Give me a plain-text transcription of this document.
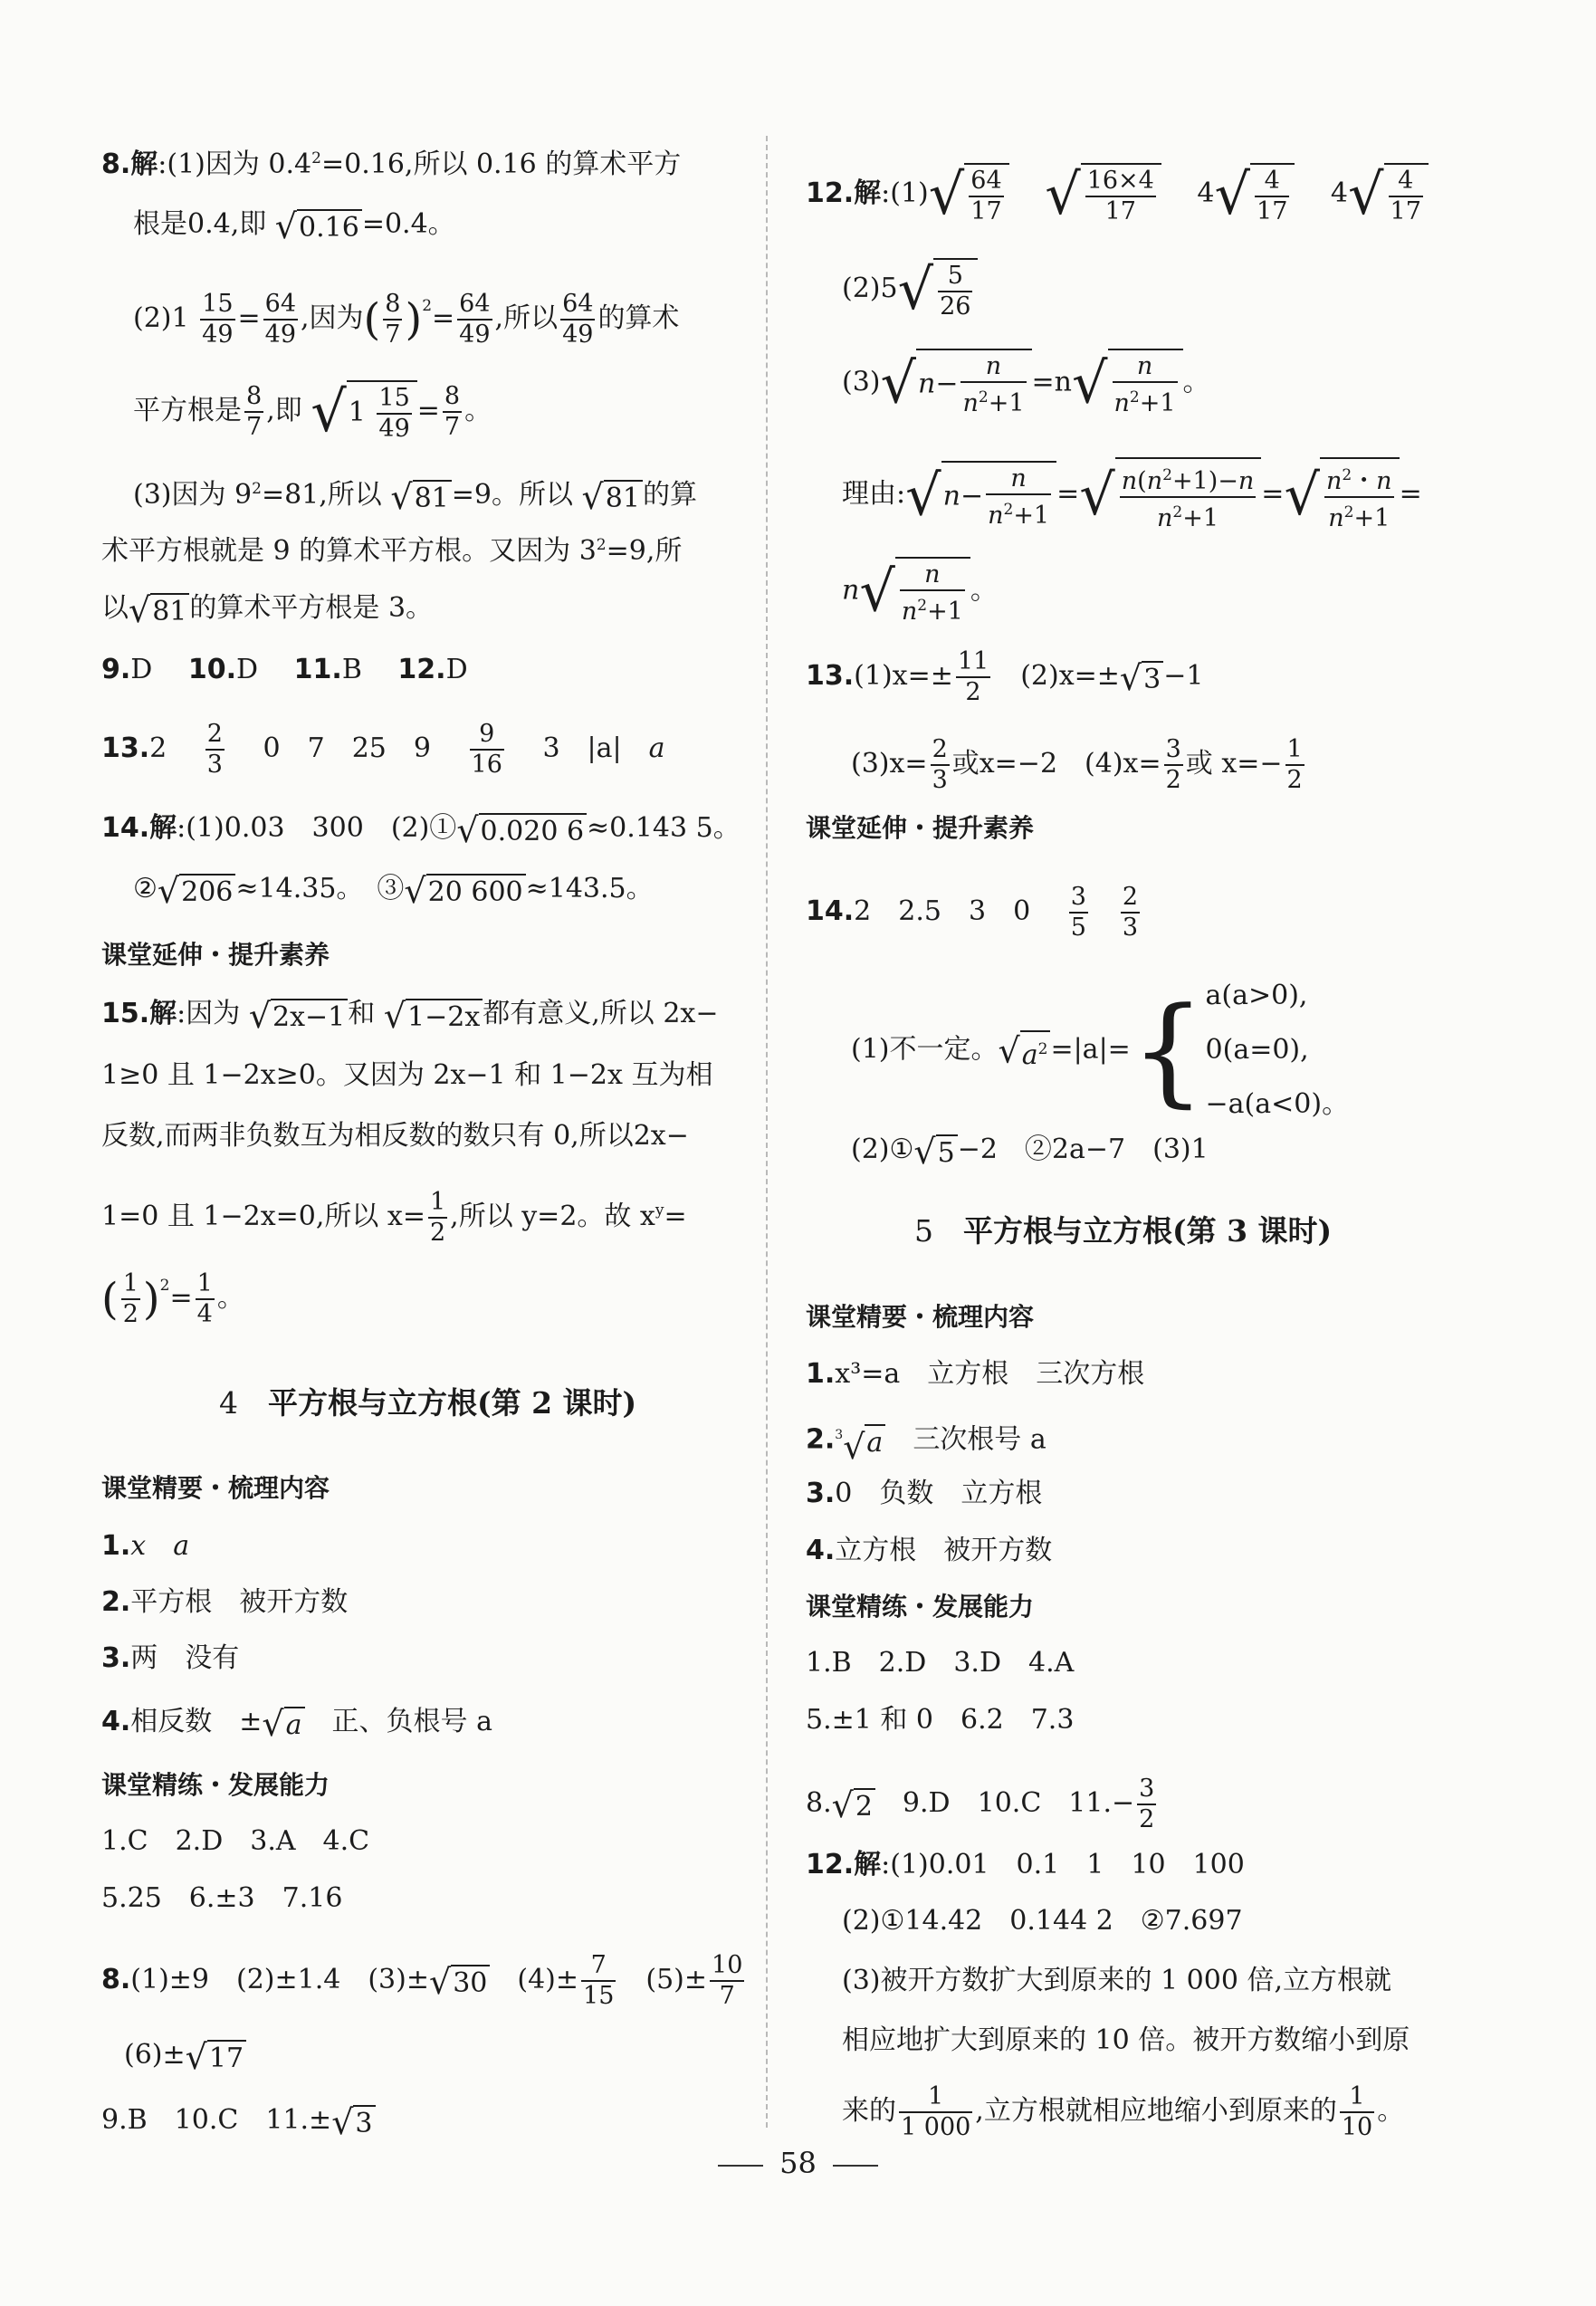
8.解:(1)因为 $0.4^2=0.16$,所以 0.16 的算术平方
根是0.4,即 √0.16 =0.4。
$(2)1 \frac{15}{49} = \frac{64}{49}$ ,因为( $\frac{8}{7} )^2= \frac{64}{49}$ ,所以 $\frac{64}{49}$ 的算术
平方根是 $\frac{8}{7}$ ,即 $√1 \frac{15}{49} = \frac{8}{7}$ 。
(3)因为 $9^2=81$,所以 √81 =9。所以 √81 的算
术平方根就是 9 的算术平方根。又因为 $3^2=9$,所
以√81 的算术平方根是 3。
9.D　 10.D　 11.B　 12.D
13.2　 $\frac{2}{3}$
　 0　 7　 25　 9　 $\frac{9}{16}$
　 3　 |a|　 a
14.解:(1)0.03　300　(2)①√0.020 6 ≈0.143 5。
②√206 ≈14.35。　③√20 600 ≈143.5。
课堂延伸・提升素养
15.解:因为 √2x−1 和 √1−2x 都有意义,所以 2x−
1≥0 且 1−2x≥0。又因为 2x−1 和 1−2x 互为相
反数,而两非负数互为相反数的数只有 0,所以2x−
1=0 且 1−2x=0,所以 $x= \frac{1}{2}$ ,所以 y=2。故 $x^y=$
( $\frac{1}{2} )^2= \frac{1}{4}$ 。
4　 平方根与立方根(第 2 课时)
课堂精要・梳理内容
1.x　a
2.平方根　被开方数
3.两　没有
4.相反数　±√a　正、负根号 a
课堂精练・发展能力
1.C　2.D　3.A　4.C
5.25　6.±3　7.16
8.(1)±9　(2)±1.4　(3)±√30　$(4)\pm \frac{7}{15}$ 　$(5)\pm \frac{10}{7}$
(6)±√17
9.B　10.C　11.±√3
12.解:(1)√ $\frac{64}{17}$
　 √ $\frac{16\times 4}{17}$ 　 $4√ \frac{4}{17}$ 　 $4√ \frac{4}{17}$
$(2)5√ \frac{5}{26}$
$(3)√n- \frac{n}{n^2+1} =n√ \frac{n}{n^2+1}$ 。
理由:√n− $\frac{n}{n^2+1}$ =√ $\frac{n(n^2+1)-n}{n^2+1}$ =√ $\frac{n^2・n}{n^2+1}$ =
$n√ \frac{n}{n^2+1}$ 。
$13.(1)x=\pm \frac{11}{2}$ 　(2)x=±√3 −1
$(3)x= \frac{2}{3}$ 或x=−2　$(4)x= \frac{3}{2}$ 或 $x=- \frac{1}{2}$
课堂延伸・提升素养
14.2　 2.5　 3　 0　 $\frac{3}{5}$
　 $\frac{2}{3}$
(1)不一定。$√a^2 =|a|=${ a(a>0),
0(a=0),
−a(a<0)。
(2)①√5 −2　②2a−7　(3)1
5　 平方根与立方根(第 3 课时)
课堂精要・梳理内容
1.x³=a　立方根　三次方根
2.$^3$√a　 三次根号 a
3.0　负数　立方根
4.立方根　被开方数
课堂精练・发展能力
1.B　2.D　3.D　4.A
5.±1 和 0　6.2　7.3
8.√2　9.D　10.C　$11.- \frac{3}{2}$
12.解:(1)0.01　0.1　1　10　100
(2)①14.42　0.144 2　②7.697
(3)被开方数扩大到原来的 1 000 倍,立方根就
相应地扩大到原来的 10 倍。被开方数缩小到原
来的 $\frac{1}{1 000}$ ,立方根就相应地缩小到原来的 $\frac{1}{10}$ 。
58
